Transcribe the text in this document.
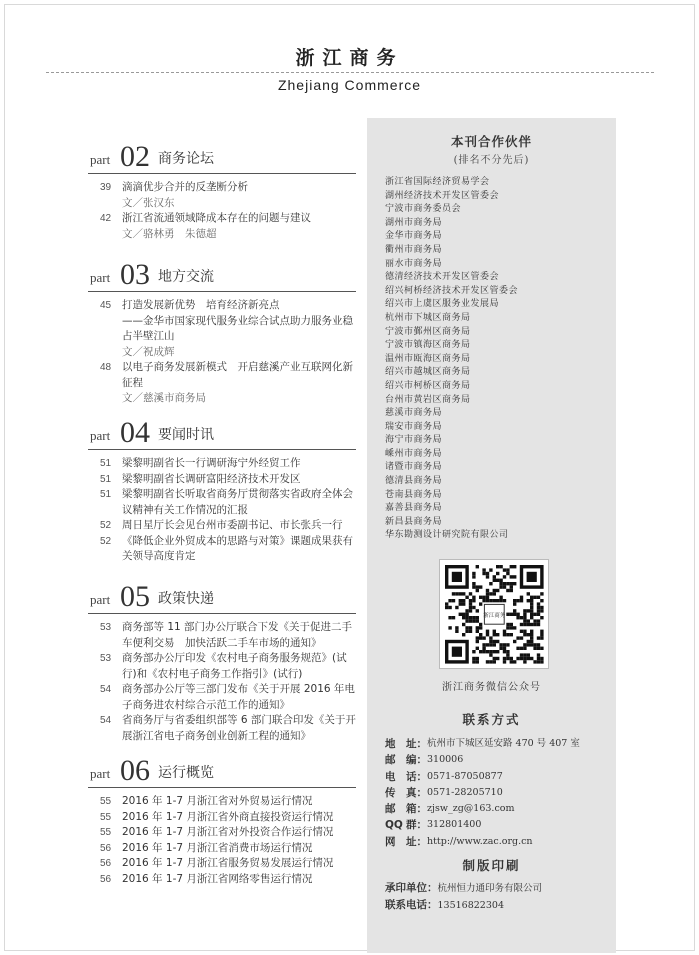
浙江商务
Zhejiang Commerce
part 02 商务论坛
39 滴滴优步合并的反垄断分析
文／张汉东
42 浙江省流通领域降成本存在的问题与建议
文／骆林勇　朱德超
part 03 地方交流
45 打造发展新优势　培育经济新亮点
——金华市国家现代服务业综合试点助力服务业稳占半壁江山
文／祝成辉
48 以电子商务发展新模式　开启慈溪产业互联网化新征程
文／慈溪市商务局
part 04 要闻时讯
51 梁黎明副省长一行调研海宁外经贸工作
51 梁黎明副省长调研富阳经济技术开发区
51 梁黎明副省长听取省商务厅贯彻落实省政府全体会议精神有关工作情况的汇报
52 周日星厅长会见台州市委副书记、市长张兵一行
52 《降低企业外贸成本的思路与对策》课题成果获有关领导高度肯定
part 05 政策快递
53 商务部等 11 部门办公厅联合下发《关于促进二手车便利交易　加快活跃二手车市场的通知》
53 商务部办公厅印发《农村电子商务服务规范》(试行)和《农村电子商务工作指引》(试行)
54 商务部办公厅等三部门发布《关于开展 2016 年电子商务进农村综合示范工作的通知》
54 省商务厅与省委组织部等 6 部门联合印发《关于开展浙江省电子商务创业创新工程的通知》
part 06 运行概览
55 2016 年 1-7 月浙江省对外贸易运行情况
55 2016 年 1-7 月浙江省外商直接投资运行情况
55 2016 年 1-7 月浙江省对外投资合作运行情况
56 2016 年 1-7 月浙江省消费市场运行情况
56 2016 年 1-7 月浙江省服务贸易发展运行情况
56 2016 年 1-7 月浙江省网络零售运行情况
本刊合作伙伴
(排名不分先后)
浙江省国际经济贸易学会
湖州经济技术开发区管委会
宁波市商务委员会
湖州市商务局
金华市商务局
衢州市商务局
丽水市商务局
德清经济技术开发区管委会
绍兴柯桥经济技术开发区管委会
绍兴市上虞区服务业发展局
杭州市下城区商务局
宁波市鄞州区商务局
宁波市镇海区商务局
温州市瓯海区商务局
绍兴市越城区商务局
绍兴市柯桥区商务局
台州市黄岩区商务局
慈溪市商务局
瑞安市商务局
海宁市商务局
嵊州市商务局
诸暨市商务局
德清县商务局
苍南县商务局
嘉善县商务局
新昌县商务局
华东勘测设计研究院有限公司
浙江商务
浙江商务微信公众号
联系方式
地 址： 杭州市下城区延安路 470 号 407 室
邮 编： 310006
电 话： 0571-87050877
传 真： 0571-28205710
邮 箱： zjsw_zg@163.com
QQ 群： 312801400
网 址： http://www.zac.org.cn
制版印刷
承印单位：杭州恒力通印务有限公司
联系电话：13516822304
